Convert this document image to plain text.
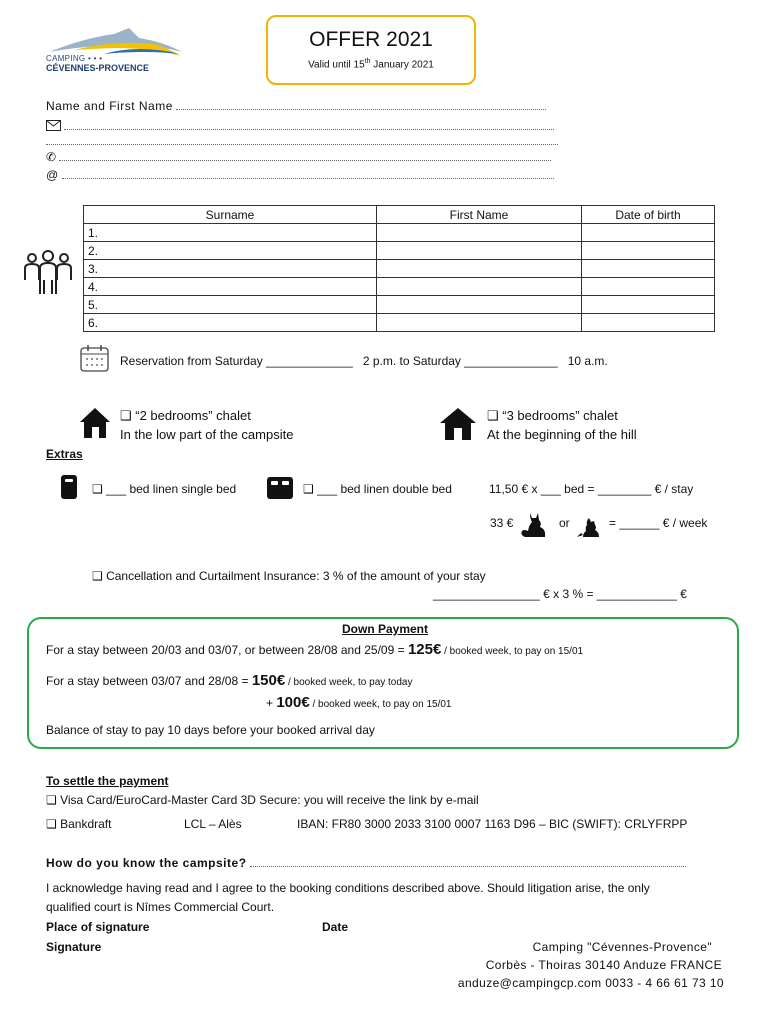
CAMPING • • •
CÉVENNES-PROVENCE
OFFER 2021
Valid until 15th January 2021
Name and First Name

✆
@
Surname	First Name	Date of birth
1.		
2.		
3.		
4.		
5.		
6.		
Reservation from Saturday _____________ 2 p.m. to Saturday ______________ 10 a.m.
❑ “2 bedrooms” chalet
In the low part of the campsite
❑ “3 bedrooms” chalet
At the beginning of the hill
Extras
❑ ___ bed linen single bed	❑ ___ bed linen double bed	11,50 € x ___ bed = ________ € / stay
33 €	or	= ______ € / week
❑ Cancellation and Curtailment Insurance: 3 % of the amount of your stay
________________ € x 3 % = ____________ €
Down Payment
For a stay between 20/03 and 03/07, or between 28/08 and 25/09 = 125€ / booked week, to pay on 15/01
For a stay between 03/07 and 28/08 = 150€ / booked week, to pay today
+ 100€ / booked week, to pay on 15/01
Balance of stay to pay 10 days before your booked arrival day
To settle the payment
❑ Visa Card/EuroCard-Master Card 3D Secure: you will receive the link by e-mail
❑ Bankdraft	LCL – Alès	IBAN: FR80 3000 2033 3100 0007 1163 D96 – BIC (SWIFT): CRLYFRPP
How do you know the campsite?
I acknowledge having read and I agree to the booking conditions described above. Should litigation arise, the only
qualified court is Nîmes Commercial Court.
Place of signature	Date
Signature	Camping "Cévennes-Provence"
Corbès - Thoiras 30140 Anduze FRANCE
anduze@campingcp.com 0033 - 4 66 61 73 10
